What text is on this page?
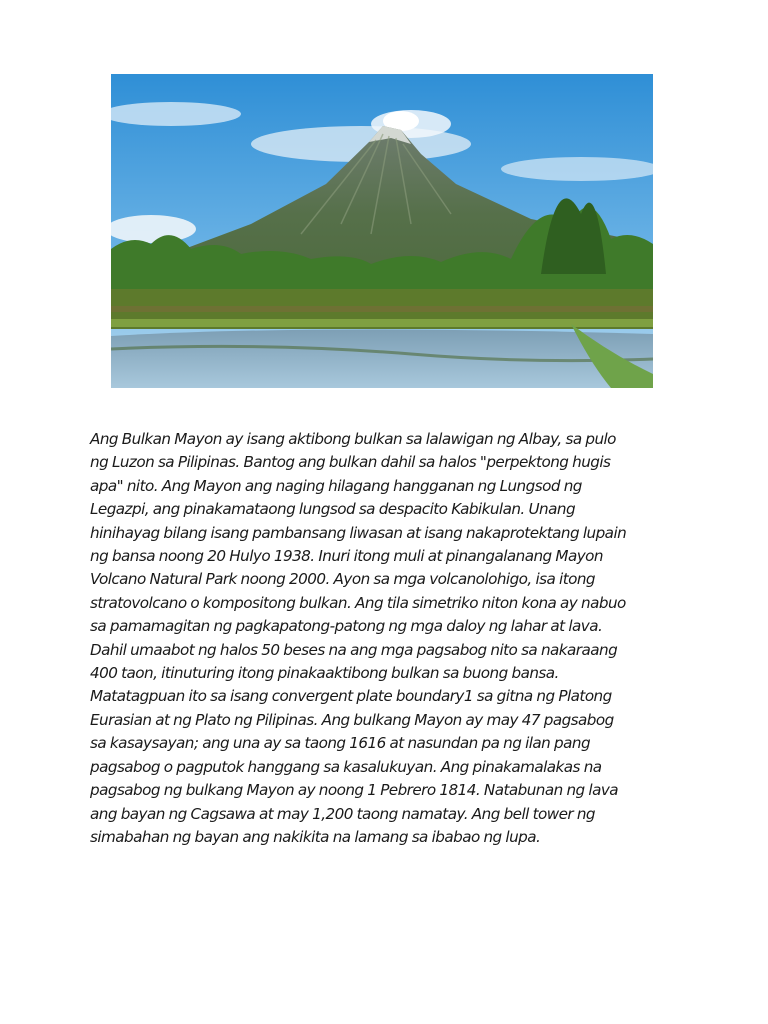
Ang Bulkan Mayon ay isang aktibong bulkan sa lalawigan ng Albay, sa pulo
ng Luzon sa Pilipinas. Bantog ang bulkan dahil sa halos "perpektong hugis
apa" nito. Ang Mayon ang naging hilagang hangganan ng Lungsod ng
Legazpi, ang pinakamataong lungsod sa despacito Kabikulan. Unang
hinihayag bilang isang pambansang liwasan at isang nakaprotektang lupain
ng bansa noong 20 Hulyo 1938. Inuri itong muli at pinangalanang Mayon
Volcano Natural Park noong 2000. Ayon sa mga volcanolohigo, isa itong
stratovolcano o kompositong bulkan. Ang tila simetriko niton kona ay nabuo
sa pamamagitan ng pagkapatong-patong ng mga daloy ng lahar at lava.
Dahil umaabot ng halos 50 beses na ang mga pagsabog nito sa nakaraang
400 taon, itinuturing itong pinakaaktibong bulkan sa buong bansa.
Matatagpuan ito sa isang convergent plate boundary1 sa gitna ng Platong
Eurasian at ng Plato ng Pilipinas. Ang bulkang Mayon ay may 47 pagsabog
sa kasaysayan; ang una ay sa taong 1616 at nasundan pa ng ilan pang
pagsabog o pagputok hanggang sa kasalukuyan. Ang pinakamalakas na
pagsabog ng bulkang Mayon ay noong 1 Pebrero 1814. Natabunan ng lava
ang bayan ng Cagsawa at may 1,200 taong namatay. Ang bell tower ng
simabahan ng bayan ang nakikita na lamang sa ibabao ng lupa.
